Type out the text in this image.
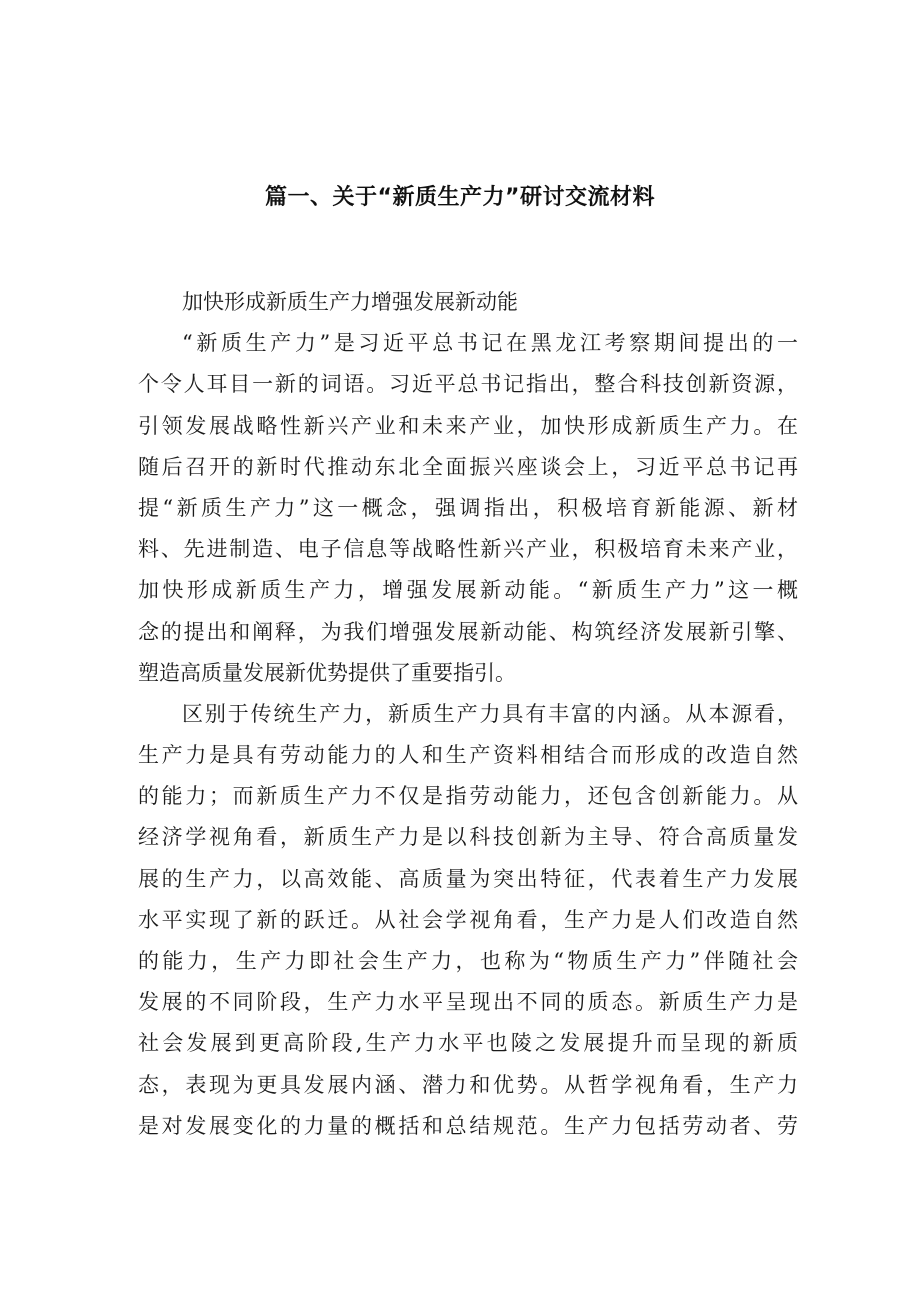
篇一、关于“新质生产力”研讨交流材料
加快形成新质生产力增强发展新动能
“新质生产力”是习近平总书记在黑龙江考察期间提出的一
个令人耳目一新的词语。习近平总书记指出，整合科技创新资源，
引领发展战略性新兴产业和未来产业，加快形成新质生产力。在
随后召开的新时代推动东北全面振兴座谈会上，习近平总书记再
提“新质生产力”这一概念，强调指出，积极培育新能源、新材
料、先进制造、电子信息等战略性新兴产业，积极培育未来产业，
加快形成新质生产力，增强发展新动能。“新质生产力”这一概
念的提出和阐释，为我们增强发展新动能、构筑经济发展新引擎、
塑造高质量发展新优势提供了重要指引。
区别于传统生产力，新质生产力具有丰富的内涵。从本源看，
生产力是具有劳动能力的人和生产资料相结合而形成的改造自然
的能力；而新质生产力不仅是指劳动能力，还包含创新能力。从
经济学视角看，新质生产力是以科技创新为主导、符合高质量发
展的生产力，以高效能、高质量为突出特征，代表着生产力发展
水平实现了新的跃迁。从社会学视角看，生产力是人们改造自然
的能力，生产力即社会生产力，也称为“物质生产力”伴随社会
发展的不同阶段，生产力水平呈现出不同的质态。新质生产力是
社会发展到更高阶段,生产力水平也陵之发展提升而呈现的新质
态，表现为更具发展内涵、潜力和优势。从哲学视角看，生产力
是对发展变化的力量的概括和总结规范。生产力包括劳动者、劳
